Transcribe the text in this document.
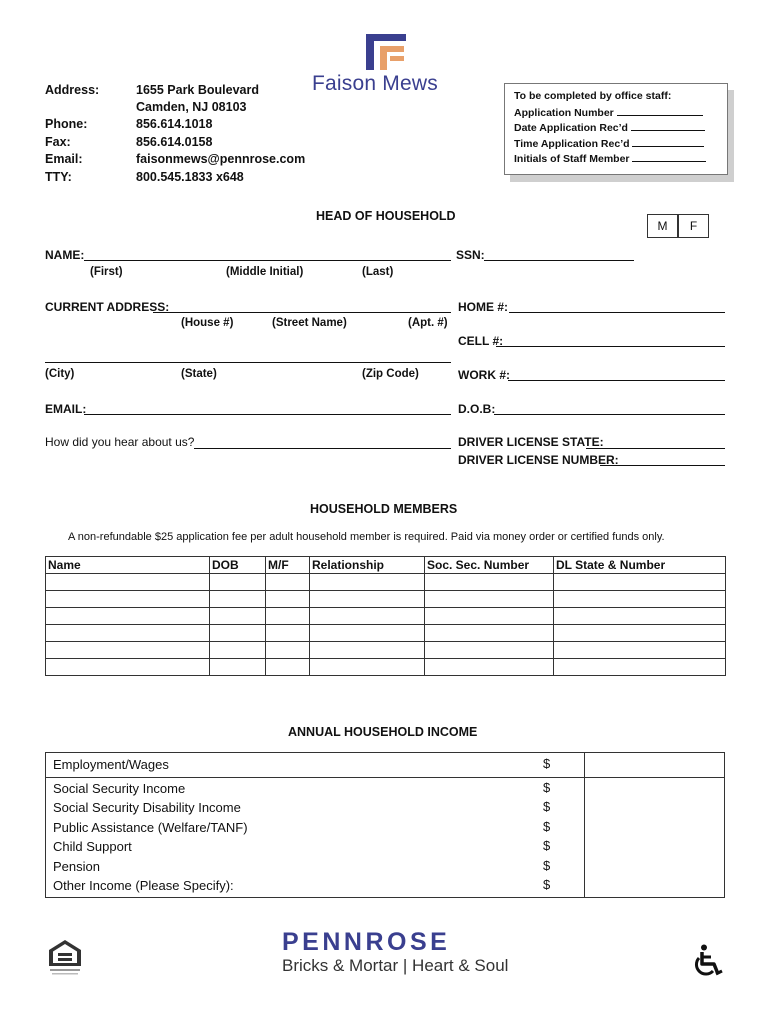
Address:	1655 Park Boulevard
Camden, NJ 08103
Phone:	856.614.1018
Fax:	856.614.0158
Email:	faisonmews@pennrose.com
TTY:	800.545.1833 x648
Faison Mews
To be completed by office staff:
Application Number
Date Application Rec’d
Time Application Rec’d
Initials of Staff Member
HEAD OF HOUSEHOLD
M	F
NAME:	SSN:
(First)	(Middle Initial)	(Last)
CURRENT ADDRESS:	HOME #:
(House #)	(Street Name)	(Apt. #)
CELL #:
(City)	(State)	(Zip Code)	WORK #:
EMAIL:	D.O.B:
How did you hear about us?	DRIVER LICENSE STATE:
DRIVER LICENSE NUMBER:
HOUSEHOLD MEMBERS
A non-refundable $25 application fee per adult household member is required. Paid via money order or certified funds only.
Name	DOB	M/F	Relationship	Soc. Sec. Number	DL State & Number

ANNUAL HOUSEHOLD INCOME
Employment/Wages	$
Social Security Income	$
Social Security Disability Income	$
Public Assistance (Welfare/TANF)	$
Child Support	$
Pension	$
Other Income (Please Specify):	$
PENNROSE
Bricks & Mortar | Heart & Soul
